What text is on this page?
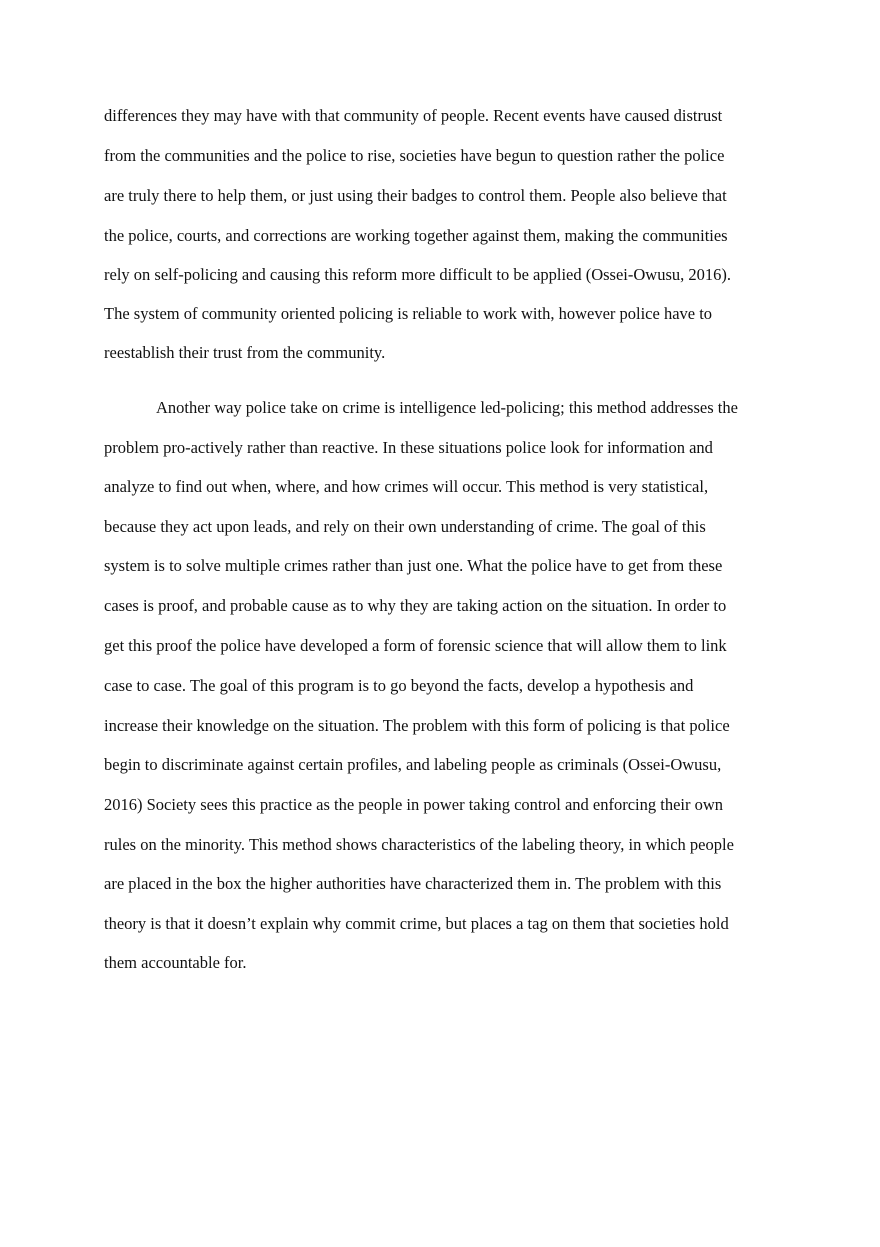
differences they may have with that community of people. Recent events have caused distrust
from the communities and the police to rise, societies have begun to question rather the police
are truly there to help them, or just using their badges to control them. People also believe that
the police, courts, and corrections are working together against them, making the communities
rely on self-policing and causing this reform more difficult to be applied (Ossei-Owusu, 2016).
The system of community oriented policing is reliable to work with, however police have to
reestablish their trust from the community.
Another way police take on crime is intelligence led-policing; this method addresses the
problem pro-actively rather than reactive. In these situations police look for information and
analyze to find out when, where, and how crimes will occur. This method is very statistical,
because they act upon leads, and rely on their own understanding of crime. The goal of this
system is to solve multiple crimes rather than just one. What the police have to get from these
cases is proof, and probable cause as to why they are taking action on the situation. In order to
get this proof the police have developed a form of forensic science that will allow them to link
case to case. The goal of this program is to go beyond the facts, develop a hypothesis and
increase their knowledge on the situation. The problem with this form of policing is that police
begin to discriminate against certain profiles, and labeling people as criminals (Ossei-Owusu,
2016) Society sees this practice as the people in power taking control and enforcing their own
rules on the minority. This method shows characteristics of the labeling theory, in which people
are placed in the box the higher authorities have characterized them in. The problem with this
theory is that it doesn’t explain why commit crime, but places a tag on them that societies hold
them accountable for.
